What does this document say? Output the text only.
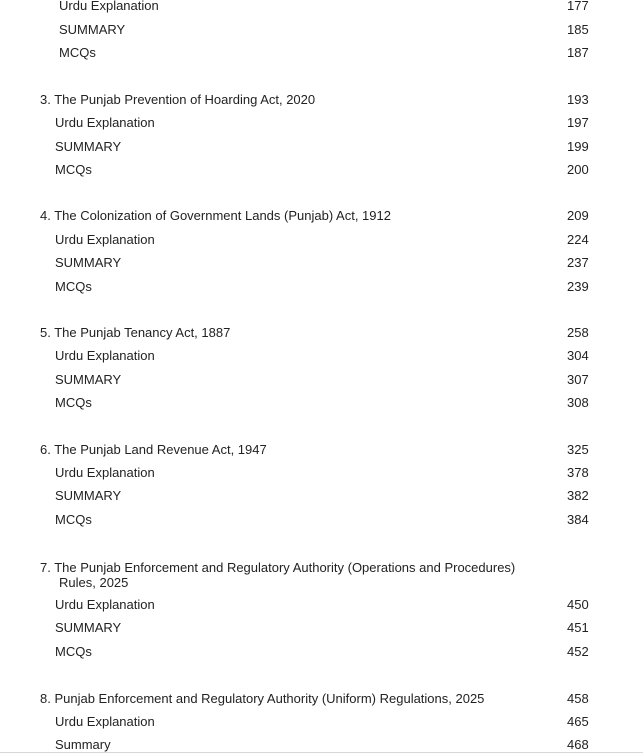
Urdu Explanation	177
SUMMARY	185
MCQs	187
3. The Punjab Prevention of Hoarding Act, 2020	193
Urdu Explanation	197
SUMMARY	199
MCQs	200
4. The Colonization of Government Lands (Punjab) Act, 1912	209
Urdu Explanation	224
SUMMARY	237
MCQs	239
5. The Punjab Tenancy Act, 1887	258
Urdu Explanation	304
SUMMARY	307
MCQs	308
6. The Punjab Land Revenue Act, 1947	325
Urdu Explanation	378
SUMMARY	382
MCQs	384
7. The Punjab Enforcement and Regulatory Authority (Operations and Procedures)
Rules, 2025
Urdu Explanation	450
SUMMARY	451
MCQs	452
8. Punjab Enforcement and Regulatory Authority (Uniform) Regulations, 2025	458
Urdu Explanation	465
Summary	468
